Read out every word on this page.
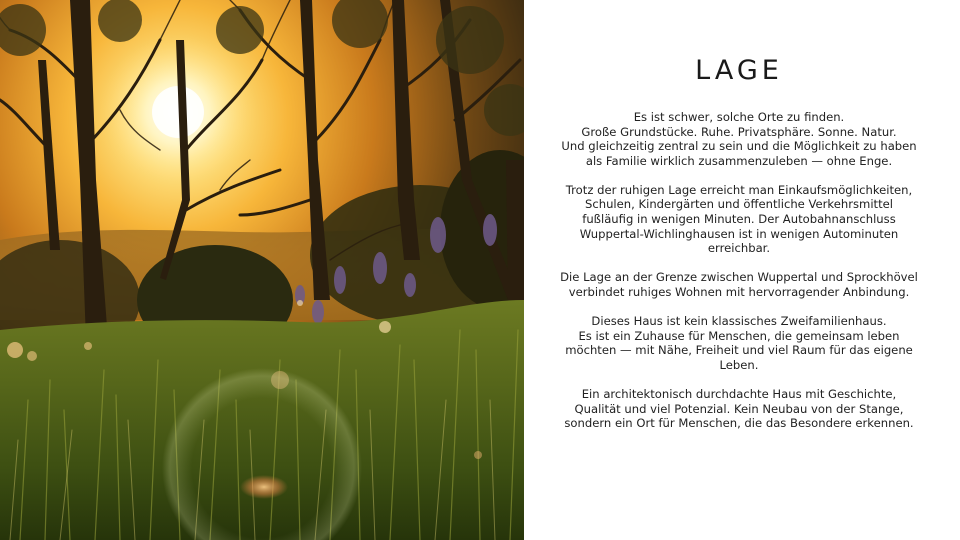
LAGE

Es ist schwer, solche Orte zu finden.
Große Grundstücke. Ruhe. Privatsphäre. Sonne. Natur.
Und gleichzeitig zentral zu sein und die Möglichkeit zu haben als Familie wirklich zusammenzuleben — ohne Enge.

Trotz der ruhigen Lage erreicht man Einkaufsmöglichkeiten, Schulen, Kindergärten und öffentliche Verkehrsmittel fußläufig in wenigen Minuten. Der Autobahnanschluss Wuppertal-Wichlinghausen ist in wenigen Autominuten erreichbar.

Die Lage an der Grenze zwischen Wuppertal und Sprockhövel verbindet ruhiges Wohnen mit hervorragender Anbindung.

Dieses Haus ist kein klassisches Zweifamilienhaus.
Es ist ein Zuhause für Menschen, die gemeinsam leben möchten — mit Nähe, Freiheit und viel Raum für das eigene Leben.

Ein architektonisch durchdachte Haus mit Geschichte, Qualität und viel Potenzial. Kein Neubau von der Stange, sondern ein Ort für Menschen, die das Besondere erkennen.
